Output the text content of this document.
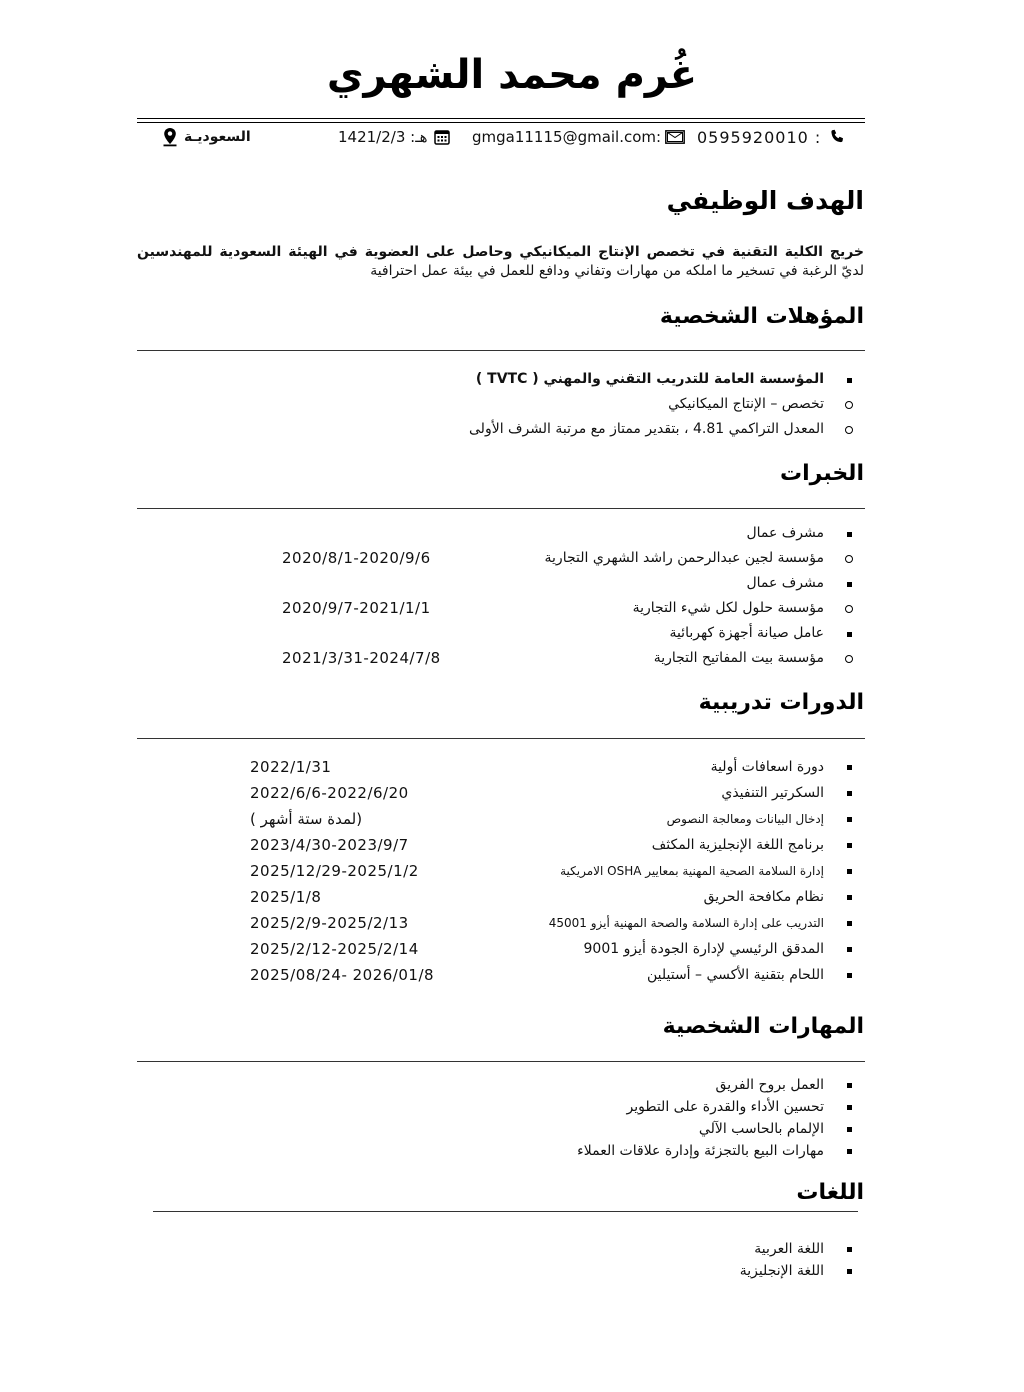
غُرم محمد الشهري
0595920010 :
gmga11115@gmail.com:
1421/2/3 :هـ
السعوديـة
الهدف الوظيفي
خريج الكلية التقنية في تخصص الإنتاج الميكانيكي وحاصل على العضوية في الهيئة السعودية للمهندسين لديّ الرغبة في تسخير ما املكه من مهارات وتفاني ودافع للعمل في بيئة عمل احترافية
المؤهلات الشخصية
المؤسسة العامة للتدريب التقني والمهني ( TVTC )
تخصص – الإنتاج الميكانيكي
المعدل التراكمي 4.81 ، بتقدير ممتاز مع مرتبة الشرف الأولى
الخبرات
مشرف عمال
مؤسسة لجين عبدالرحمن راشد الشهري التجارية
2020/8/1-2020/9/6
مشرف عمال
مؤسسة حلول لكل شيء التجارية
2020/9/7-2021/1/1
عامل صيانة أجهزة كهربائية
مؤسسة بيت المفاتيح التجارية
2021/3/31-2024/7/8
الدورات تدريبية
دورة اسعافات أولية
2022/1/31
السكرتير التنفيذي
2022/6/6-2022/6/20
إدخال البيانات ومعالجة النصوص
( لمدة ستة أشهر)
برنامج اللغة الإنجليزية المكثف
2023/4/30-2023/9/7
إدارة السلامة الصحية المهنية بمعايير OSHA الامريكية
2025/12/29-2025/1/2
نظام مكافحة الحريق
2025/1/8
التدريب على إدارة السلامة والصحة المهنية أيزو 45001
2025/2/9-2025/2/13
المدقق الرئيسي لإدارة الجودة أيزو 9001
2025/2/12-2025/2/14
اللحام بتقنية الأكسي – أستيلين
2025/08/24- 2026/01/8
المهارات الشخصية
العمل بروح الفريق
تحسين الأداء والقدرة على التطوير
الإلمام بالحاسب الآلي
مهارات البيع بالتجزئة وإدارة علاقات العملاء
اللغات
اللغة العربية
اللغة الإنجليزية
